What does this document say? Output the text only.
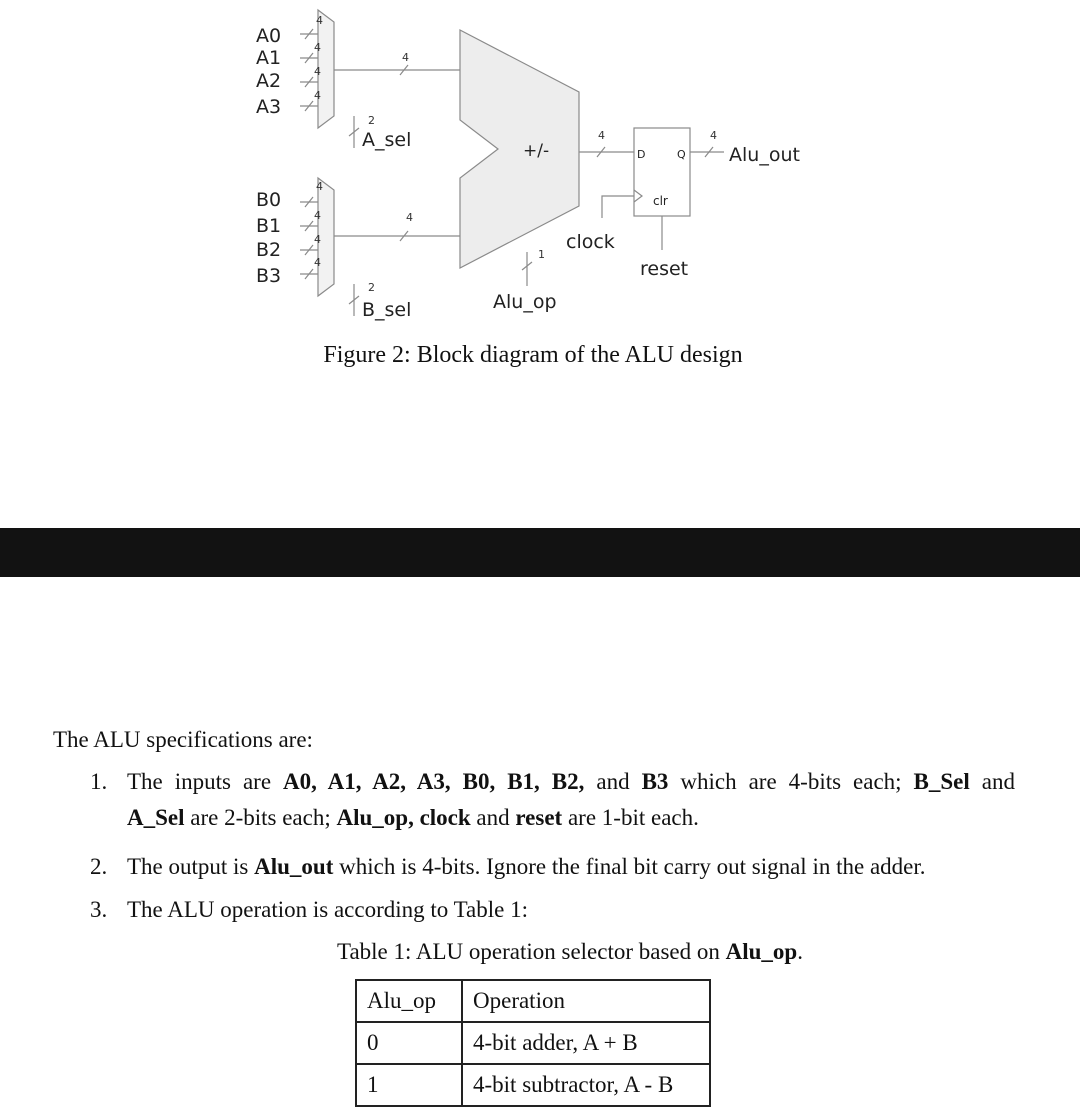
A0
A1
A2
A3
B0
B1
B2
B3
4
4
4
4
4
4
4
4
4
4
4	4
2
2
1
A_sel
B_sel
+/-
Alu_op
clock
reset
Alu_out
D	Q
clr
Figure 2: Block diagram of the ALU design
The ALU specifications are:
1. The inputs are A0, A1, A2, A3, B0, B1, B2, and B3 which are 4-bits each; B_Sel and
A_Sel are 2-bits each; Alu_op, clock and reset are 1-bit each.
2. The output is Alu_out which is 4-bits. Ignore the final bit carry out signal in the adder.
3. The ALU operation is according to Table 1:
Table 1: ALU operation selector based on Alu_op.
Alu_op	Operation
0	4-bit adder, A + B
1	4-bit subtractor, A - B
